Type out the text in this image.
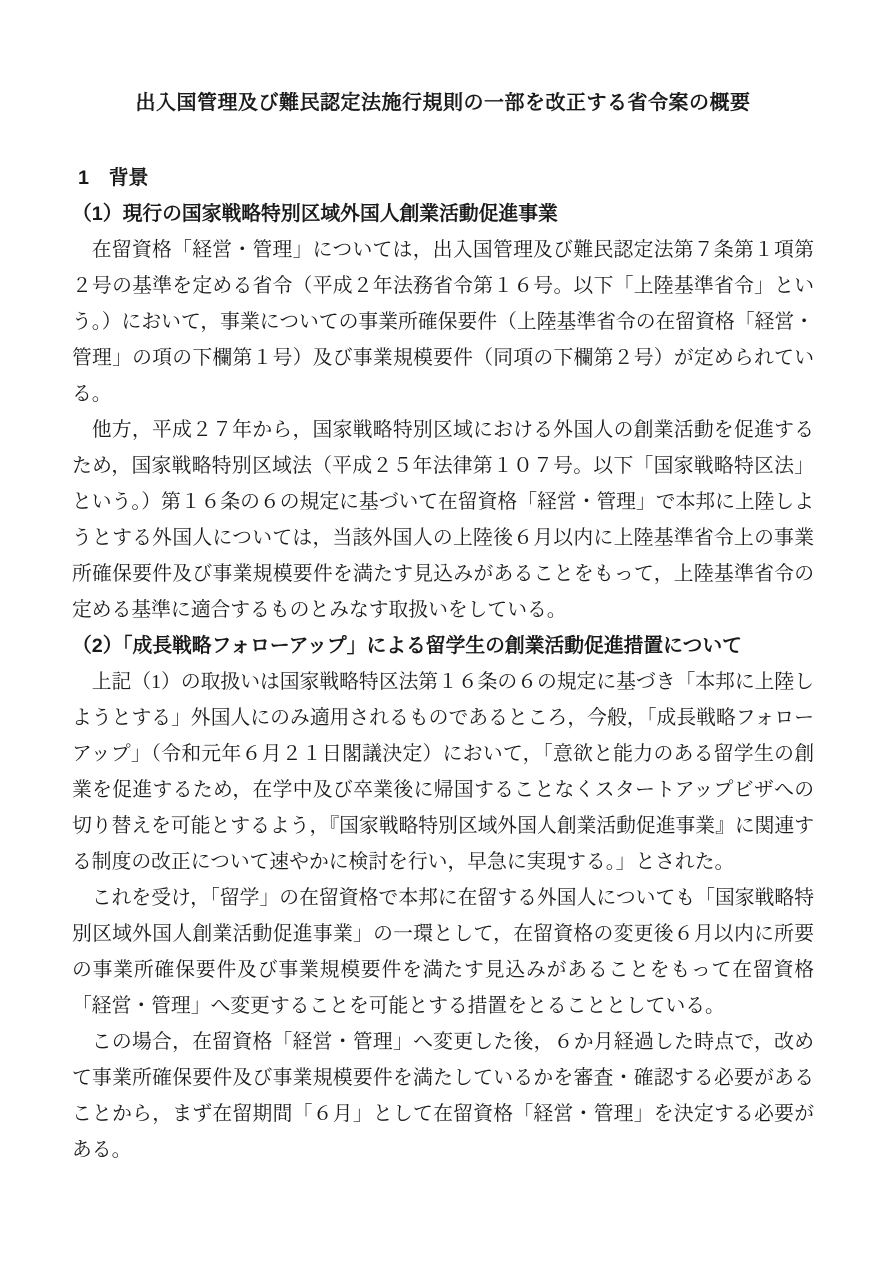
出入国管理及び難民認定法施行規則の一部を改正する省令案の概要
1　背景
（1）現行の国家戦略特別区域外国人創業活動促進事業

在留資格「経営・管理」については，出入国管理及び難民認定法第７条第１項第２号の基準を定める省令（平成２年法務省令第１６号。以下「上陸基準省令」という。）において，事業についての事業所確保要件（上陸基準省令の在留資格「経営・管理」の項の下欄第１号）及び事業規模要件（同項の下欄第２号）が定められている。

他方，平成２７年から，国家戦略特別区域における外国人の創業活動を促進するため，国家戦略特別区域法（平成２５年法律第１０７号。以下「国家戦略特区法」という。）第１６条の６の規定に基づいて在留資格「経営・管理」で本邦に上陸しようとする外国人については，当該外国人の上陸後６月以内に上陸基準省令上の事業所確保要件及び事業規模要件を満たす見込みがあることをもって，上陸基準省令の定める基準に適合するものとみなす取扱いをしている。

（2）「成長戦略フォローアップ」による留学生の創業活動促進措置について

上記（1）の取扱いは国家戦略特区法第１６条の６の規定に基づき「本邦に上陸しようとする」外国人にのみ適用されるものであるところ，今般，「成長戦略フォローアップ」（令和元年６月２１日閣議決定）において，「意欲と能力のある留学生の創業を促進するため，在学中及び卒業後に帰国することなくスタートアップビザへの切り替えを可能とするよう，『国家戦略特別区域外国人創業活動促進事業』に関連する制度の改正について速やかに検討を行い，早急に実現する。」とされた。

これを受け，「留学」の在留資格で本邦に在留する外国人についても「国家戦略特別区域外国人創業活動促進事業」の一環として，在留資格の変更後６月以内に所要の事業所確保要件及び事業規模要件を満たす見込みがあることをもって在留資格「経営・管理」へ変更することを可能とする措置をとることとしている。

この場合，在留資格「経営・管理」へ変更した後，６か月経過した時点で，改めて事業所確保要件及び事業規模要件を満たしているかを審査・確認する必要があることから，まず在留期間「６月」として在留資格「経営・管理」を決定する必要がある。
